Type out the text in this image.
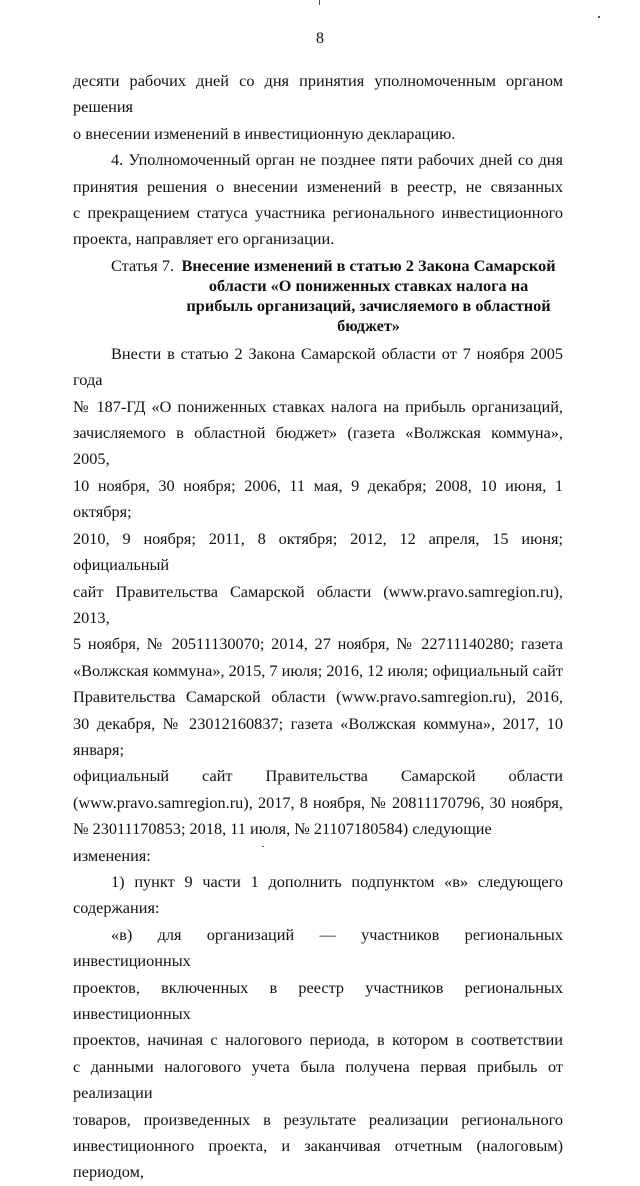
8

десяти рабочих дней со дня принятия уполномоченным органом решения

о внесении изменений в инвестиционную декларацию.

4. Уполномоченный орган не позднее пяти рабочих дней со дня

принятия решения о внесении изменений в реестр, не связанных

с прекращением статуса участника регионального инвестиционного

проекта, направляет его организации.

Статья 7. Внесение изменений в статью 2 Закона Самарской области «О пониженных ставках налога на прибыль организаций, зачисляемого в областной бюджет»

Внести в статью 2 Закона Самарской области от 7 ноября 2005 года

№ 187-ГД «О пониженных ставках налога на прибыль организаций,

зачисляемого в областной бюджет» (газета «Волжская коммуна», 2005,

10 ноября, 30 ноября; 2006, 11 мая, 9 декабря; 2008, 10 июня, 1 октября;

2010, 9 ноября; 2011, 8 октября; 2012, 12 апреля, 15 июня; официальный

сайт Правительства Самарской области (www.pravo.samregion.ru), 2013,

5 ноября, № 20511130070; 2014, 27 ноября, № 22711140280; газета

«Волжская коммуна», 2015, 7 июля; 2016, 12 июля; официальный сайт

Правительства Самарской области (www.pravo.samregion.ru), 2016,

30 декабря, № 23012160837; газета «Волжская коммуна», 2017, 10 января;

официальный сайт Правительства Самарской области

(www.pravo.samregion.ru), 2017, 8 ноября, № 20811170796, 30 ноября,

№ 23011170853; 2018, 11 июля, № 21107180584) следующие изменения:

1) пункт 9 части 1 дополнить подпунктом «в» следующего

содержания:

«в) для организаций — участников региональных инвестиционных

проектов, включенных в реестр участников региональных инвестиционных

проектов, начиная с налогового периода, в котором в соответствии

с данными налогового учета была получена первая прибыль от реализации

товаров, произведенных в результате реализации регионального

инвестиционного проекта, и заканчивая отчетным (налоговым) периодом,
